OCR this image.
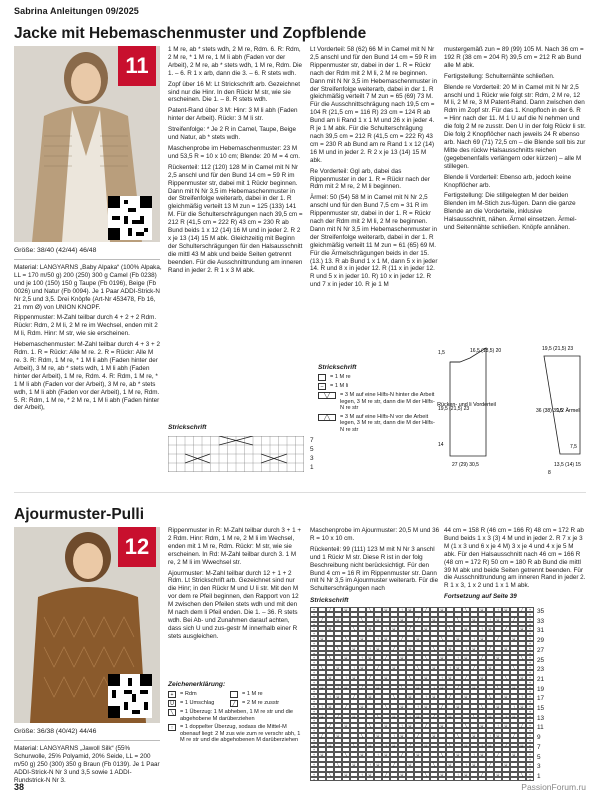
Sabrina Anleitungen 09/2025
Jacke mit Hebemaschenmuster und Zopfblende
11
Größe: 38/40 (42/44) 46/48

Material: LANGYARNS „Baby Alpaka“ (100% Alpaka, LL = 170 m/50 g) 200 (250) 300 g Camel (Fb 0238) und je 100 (150) 150 g Taupe (Fb 0196), Beige (Fb 0026) und Natur (Fb 0094). Je 1 Paar ADDI-Strick-N Nr 2,5 und 3,5. Drei Knöpfe (Art-Nr 453478, Fb 16, 21 mm Ø) von UNION KNOPF.

Rippenmuster: M-Zahl teilbar durch 4 + 2 + 2 Rdm. Rückr: Rdm, 2 M li, 2 M re im Wechsel, enden mit 2 M li, Rdm. Hinr: M str, wie sie erscheinen.

Hebemaschenmuster: M-Zahl teilbar durch 4 + 3 + 2 Rdm. 1. R = Rückr: Alle M re. 2. R = Rückr: Alle M re. 3. R: Rdm, 1 M re, * 1 M li abh (Faden hinter der Arbeit), 3 M re, ab * stets wdh, 1 M li abh (Faden hinter der Arbeit), 1 M re, Rdm. 4. R: Rdm, 1 M re, * 1 M li abh (Faden vor der Arbeit), 3 M re, ab * stets wdh, 1 M li abh (Faden vor der Arbeit), 1 M re, Rdm. 5. R: Rdm, 1 M re, * 2 M re, 1 M li abh (Faden hinter der Arbeit),

1 M re, ab * stets wdh, 2 M re, Rdm. 6. R: Rdm, 2 M re, * 1 M re, 1 M li abh (Faden vor der Arbeit), 2 M re, ab * stets wdh, 1 M re, Rdm. Die 1. – 6. R 1 x arb, dann die 3. – 6. R stets wdh.

Zopf über 16 M: Lt Strickschrift arb. Gezeichnet sind nur die Hinr. In den Rückr M str, wie sie erscheinen. Die 1. – 8. R stets wdh.

Patent-Rand über 3 M: Hinr: 3 M li abh (Faden hinter der Arbeit). Rückr: 3 M li str.

Streifenfolge: * Je 2 R in Camel, Taupe, Beige und Natur, ab * stets wdh.

Maschenprobe im Hebemaschenmuster: 23 M und 53,5 R = 10 x 10 cm; Blende: 20 M = 4 cm.

Rückenteil: 112 (120) 128 M in Camel mit N Nr 2,5 anschl und für den Bund 14 cm = 59 R im Rippenmuster str, dabei mit 1 Rückr beginnen. Dann mit N Nr 3,5 im Hebemaschenmuster in der Streifenfolge weiterarb, dabei in der 1. R gleichmäßig verteilt 13 M zun = 125 (133) 141 M. Für die Schulterschrägungen nach 39,5 cm = 212 R (41,5 cm = 222 R) 43 cm = 230 R ab Bund beids 1 x 12 (14) 16 M und in jeder 2. R 2 x je 13 (14) 15 M abk. Gleichzeitig mit Beginn der Schulterschrägungen für den Halsausschnitt die mittl 43 M abk und beide Seiten getrennt beenden. Für die Ausschnittrundung am inneren Rand in jeder 2. R 1 x 3 M abk.

Strickschrift
7
5
3
1

Lt Vorderteil: 58 (62) 66 M in Camel mit N Nr 2,5 anschl und für den Bund 14 cm = 59 R im Rippenmuster str, dabei in der 1. R = Rückr nach der Rdm mit 2 M li, 2 M re beginnen. Dann mit N Nr 3,5 im Hebemaschenmuster in der Streifenfolge weiterarb, dabei in der 1. R gleichmäßig verteilt 7 M zun = 65 (69) 73 M. Für die Ausschnittschrägung nach 19,5 cm = 104 R (21,5 cm = 116 R) 23 cm = 124 R ab Bund am li Rand 1 x 1 M und 26 x in jeder 4. R je 1 M abk. Für die Schulterschrägung nach 39,5 cm = 212 R (41,5 cm = 222 R) 43 cm = 230 R ab Bund am re Rand 1 x 12 (14) 16 M und in jeder 2. R 2 x je 13 (14) 15 M abk.

Re Vorderteil: Ggl arb, dabei das Rippenmuster in der 1. R = Rückr nach der Rdm mit 2 M re, 2 M li beginnen.

Ärmel: 50 (54) 58 M in Camel mit N Nr 2,5 anschl und für den Bund 7,5 cm = 31 R im Rippenmuster str, dabei in der 1. R = Rückr nach der Rdm mit 2 M li, 2 M re beginnen. Dann mit N Nr 3,5 im Hebemaschenmuster in der Streifenfolge weiterarb, dabei in der 1. R gleichmäßig verteilt 11 M zun = 61 (65) 69 M. Für die Ärmelschrägungen beids in der 15. (13.) 13. R ab Bund 1 x 1 M, dann 5 x in jeder 14. R und 8 x in jeder 12. R (11 x in jeder 12. R und 5 x in jeder 10. R) 10 x in jeder 12. R und 7 x in jeder 10. R je 1 M

Strickschrift
= 1 M re
–	= 1 M li
╲╱	= 3 M auf eine Hilfs-N hinter die Arbeit legen, 3 M re str, dann die M der Hilfs-N re str
╱╲	= 3 M auf eine Hilfs-N vor die Arbeit legen, 3 M re str, dann die M der Hilfs-N re str

mustergemäß zun = 89 (99) 105 M. Nach 36 cm = 192 R (38 cm = 204 R) 39,5 cm = 212 R ab Bund alle M abk.

Fertigstellung: Schulternähte schließen.

Blende re Vorderteil: 20 M in Camel mit N Nr 2,5 anschl und 1 Rückr wie folgt str: Rdm, 2 M re, 12 M li, 2 M re, 3 M Patent-Rand. Dann zwischen den Rdm im Zopf str. Für das 1. Knopfloch in der 6. R = Hinr nach der 11. M 1 U auf die N nehmen und die folg 2 M re zusstr. Den U in der folg Rückr li str. Die folg 2 Knopflöcher nach jeweils 24 R ebenso arb. Nach 69 (71) 72,5 cm – die Blende soll bis zur Mitte des rückw Halsausschnitts reichen (gegebenenfalls verlängern oder kürzen) – alle M stillegen.

Blende li Vorderteil: Ebenso arb, jedoch keine Knopflöcher arb.

Fertigstellung: Die stillgelegten M der beiden Blenden im M-Stich zus-fügen. Dann die ganze Blende an die Vorderteile, inklusive Halsausschnitt, nähen. Ärmel einsetzen. Ärmel- und Seitennähte schließen. Knöpfe annähen.

Rücken- und li Vorderteil
1/2 Ärmel
1,5	16,5 (18,5) 20
19,5 (21,5) 23
14
27 (29) 30,5
19,5 (21,5) 23
36 (38) 39,5
7,5
13,5 (14) 15
8
Ajourmuster-Pulli
12
Größe: 36/38 (40/42) 44/46
Material: LANGYARNS „Jawoll Silk“ (55% Schurwolle, 25% Polyamid, 20% Seide, LL = 200 m/50 g) 250 (300) 350 g Braun (Fb 0139). Je 1 Paar ADDI-Strick-N Nr 3 und 3,5 sowie 1 ADDI-Rundstrick-N Nr 3.

Rippenmuster in R: M-Zahl teilbar durch 3 + 1 + 2 Rdm. Hinr: Rdm, 1 M re, 2 M li im Wechsel, enden mit 1 M re, Rdm. Rückr: M str, wie sie erscheinen. In Rd: M-Zahl teilbar durch 3. 1 M re, 2 M li im Wwechsel str.

Ajourmuster: M-Zahl teilbar durch 12 + 1 + 2 Rdm. Lt Strickschrift arb. Gezeichnet sind nur die Hinr; in den Rückr M und U li str. Mit den M vor dem re Pfeil beginnen, den Rapport von 12 M zwischen den Pfeilen stets wdh und mit den M nach dem li Pfeil enden. Die 1. – 36. R stets wdh. Bei Ab- und Zunahmen darauf achten, dass sich U und zus-gestr M innerhalb einer R stets ausgleichen.

Zeichenerklärung:
+	= Rdm	= 1 M re
U	= 1 Umschlag	╱	= 2 M re zusstr
╲	= 1 Überzug: 1 M abheben, 1 M re str und die abgehobene M darüberziehen
↑	= 1 doppelter Überzug, sodass die Mittel-M obenauf liegt: 2 M zus wie zum re verschr abh, 1 M re str und die abgehobenen M darüberziehen

Maschenprobe im Ajourmuster: 20,5 M und 36 R = 10 x 10 cm.

Rückenteil: 99 (111) 123 M mit N Nr 3 anschl und 1 Rückr M str. Diese R ist in der folg Beschreibung nicht berücksichtigt. Für den Bund 4 cm = 16 R im Rippenmuster str. Dann mit N Nr 3,5 im Ajourmuster weiterarb. Für die Schulterschrägungen nach

44 cm = 158 R (46 cm = 166 R) 48 cm = 172 R ab Bund beids 1 x 3 (3) 4 M und in jeder 2. R 7 x je 3 M (1 x 3 und 6 x je 4 M) 3 x je 4 und 4 x je 5 M abk. Für den Halsausschnitt nach 46 cm = 166 R (48 cm = 172 R) 50 cm = 180 R ab Bund die mittl 39 M abk und beide Seiten getrennt beenden. Für die Ausschnittrundung am inneren Rand in jeder 2. R 1 x 3, 1 x 2 und 1 x 1 M abk.

Fortsetzung auf Seite 39

Strickschrift
+	╱	U	╲	U	↑	U	╱	U	╲	U	↑	U	╱	+
+	+
+	╱	U	╲	U	↑	U	╱	U	╲	U	↑	U	╱	+
+	+
+	U	╲	U	↑	U	╱	U	╲	U	↑	U	╱	U	+
+	+
+	U	╲	U	↑	U	╱	U	╲	U	↑	U	╱	U	+
+	+
+	╲	U	↑	U	╱	U	╲	U	↑	U	╱	U	+
+	+
+	╲	U	↑	U	╱	U	╲	U	↑	U	╱	U	╲	+
+	+
+	╲	U	↑	U	╱	U	╲	U	↑	U	╱	U	╲	+
+	+
+	U	↑	U	╱	U	╲	U	↑	U	╱	U	╲	U	+
+	+
+	U	↑	U	╱	U	╲	U	↑	U	╱	U	╲	U	+
+	+
+	↑	U	╱	U	╲	U	↑	U	╱	U	╲	U	↑	+
+	+
+	↑	U	╱	U	╲	U	↑	U	╱	U	╲	U	↑	U	+
+	+
+	U	╱	U	╲	U	↑	U	╱	U	╲	U	↑	U	+
+	+
+	╱	U	╲	U	↑	U	╱	U	╲	U	↑	U	╱	+
+	+
+	╱	U	╲	U	↑	U	╱	U	╲	U	↑	U	╱	+
+	+
+	U	╲	U	↑	U	╱	U	╲	U	↑	U	╱	U	+
+	+
+	U	╲	U	↑	U	╱	U	╲	U	↑	U	╱	U	+
+	+
+	╲	U	↑	U	╱	U	╲	U	↑	U	╱	U	+
+	+
+	╲	U	↑	U	╱	U	╲	U	↑	U	╱	U	╲	+
+	+
35
33
31
29
27
25
23
21
19
17
15
13
11
9
7
5
3
1
38	PassionForum.ru
